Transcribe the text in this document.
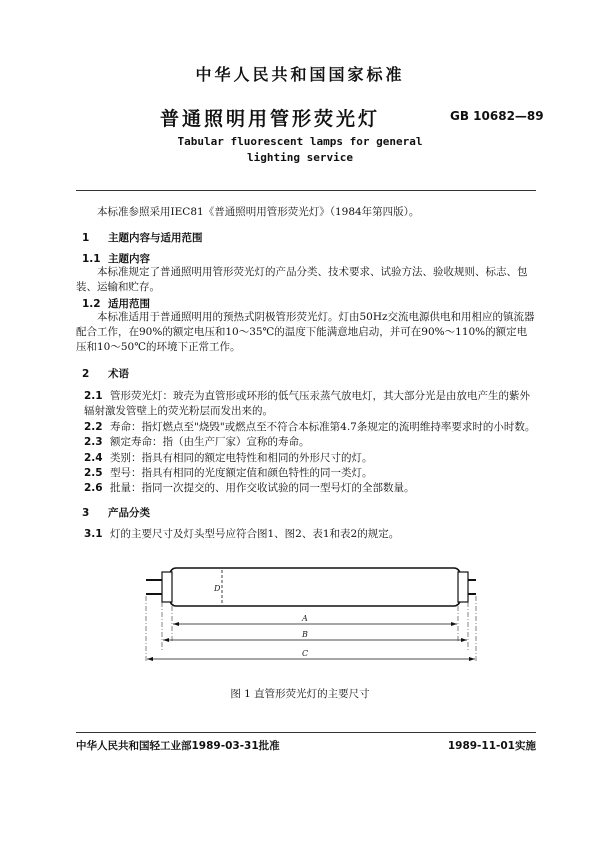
中华人民共和国国家标准
普通照明用管形荧光灯	GB 10682—89
Tabular fluorescent lamps for general
lighting service
本标准参照采用IEC81《普通照明用管形荧光灯》（1984年第四版）。
1 主题内容与适用范围
1.1 主题内容
本标准规定了普通照明用管形荧光灯的产品分类、技术要求、试验方法、验收规则、标志、包装、运输和贮存。
1.2 适用范围
本标准适用于普通照明用的预热式阴极管形荧光灯。灯由50Hz交流电源供电和用相应的镇流器配合工作，在90%的额定电压和10～35℃的温度下能满意地启动，并可在90%～110%的额定电压和10～50℃的环境下正常工作。
2 术语
2.1 管形荧光灯：玻壳为直管形或环形的低气压汞蒸气放电灯，其大部分光是由放电产生的紫外辐射激发管壁上的荧光粉层而发出来的。
2.2 寿命：指灯燃点至"烧毁"或燃点至不符合本标准第4.7条规定的流明维持率要求时的小时数。
2.3 额定寿命：指（由生产厂家）宣称的寿命。
2.4 类别：指具有相同的额定电特性和相同的外形尺寸的灯。
2.5 型号：指具有相同的光度额定值和颜色特性的同一类灯。
2.6 批量：指同一次提交的、用作交收试验的同一型号灯的全部数量。
3 产品分类
3.1 灯的主要尺寸及灯头型号应符合图1、图2、表1和表2的规定。
D
A
B
C
图 1 直管形荧光灯的主要尺寸
中华人民共和国轻工业部1989-03-31批准	1989-11-01实施
